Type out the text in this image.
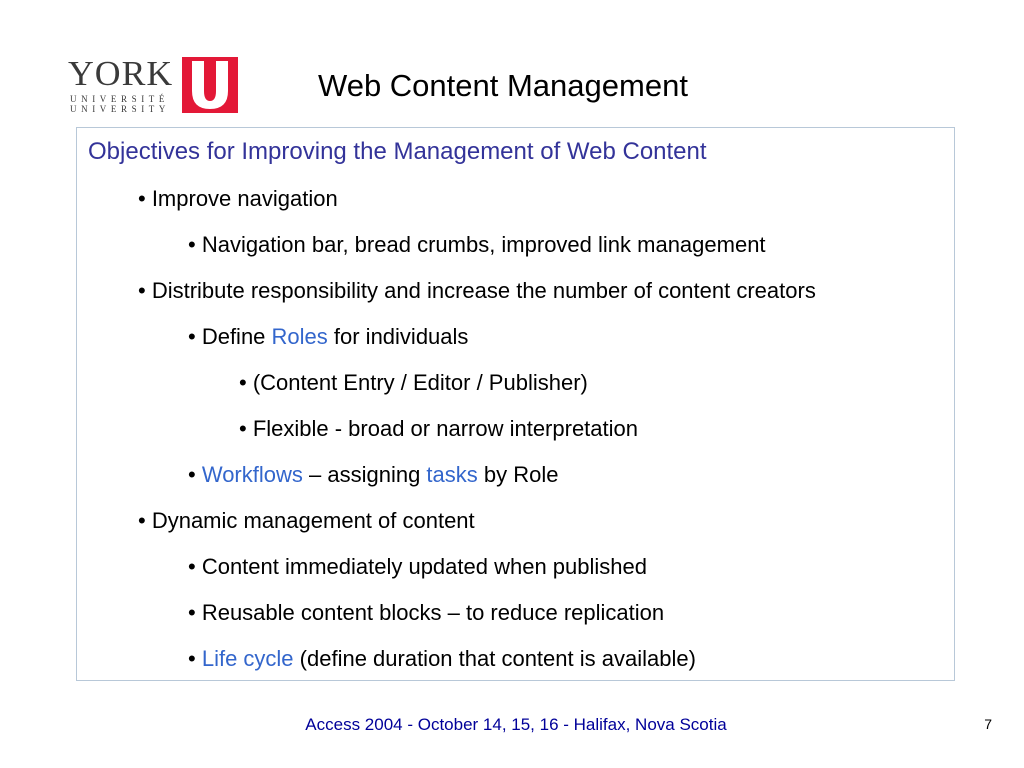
YORK
UNIVERSITÉ
UNIVERSITY
Web Content Management
Objectives for Improving the Management of Web Content
• Improve navigation
• Navigation bar, bread crumbs, improved link management
• Distribute responsibility and increase the number of content creators
• Define Roles for individuals
• (Content Entry / Editor / Publisher)
• Flexible - broad or narrow interpretation
• Workflows – assigning tasks by Role
• Dynamic management of content
• Content immediately updated when published
• Reusable content blocks – to reduce replication
• Life cycle (define duration that content is available)
Access 2004 - October 14, 15, 16 - Halifax, Nova Scotia	7
